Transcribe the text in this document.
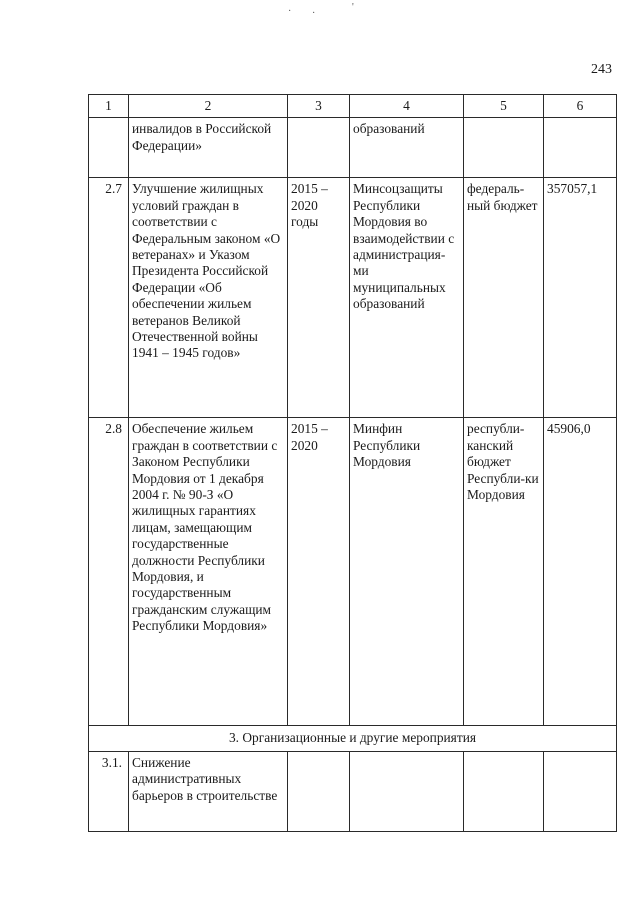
· ·
'
243
1	2	3	4	5	6
	инвалидов в Российской Федерации»		образований		
2.7	Улучшение жилищных условий граждан в соответствии с Федеральным законом «О ветеранах» и Указом Президента Российской Федерации «Об обеспечении жильем ветеранов Великой Отечественной войны 1941 – 1945 годов»	2015 – 2020 годы	Минсоцзащиты Республики Мордовия во взаимодействии с администрация-ми муниципальных образований	федераль-ный бюджет	357057,1
2.8	Обеспечение жильем граждан в соответствии с Законом Республики Мордовия от 1 декабря 2004 г. № 90-З «О жилищных гарантиях лицам, замещающим государственные должности Республики Мордовия, и государственным гражданским служащим Республики Мордовия»	2015 – 2020	Минфин Республики Мордовия	республи-канский бюджет Республи-ки Мордовия	45906,0
3. Организационные и другие мероприятия					
3.1.	Снижение административных барьеров в строительстве				
